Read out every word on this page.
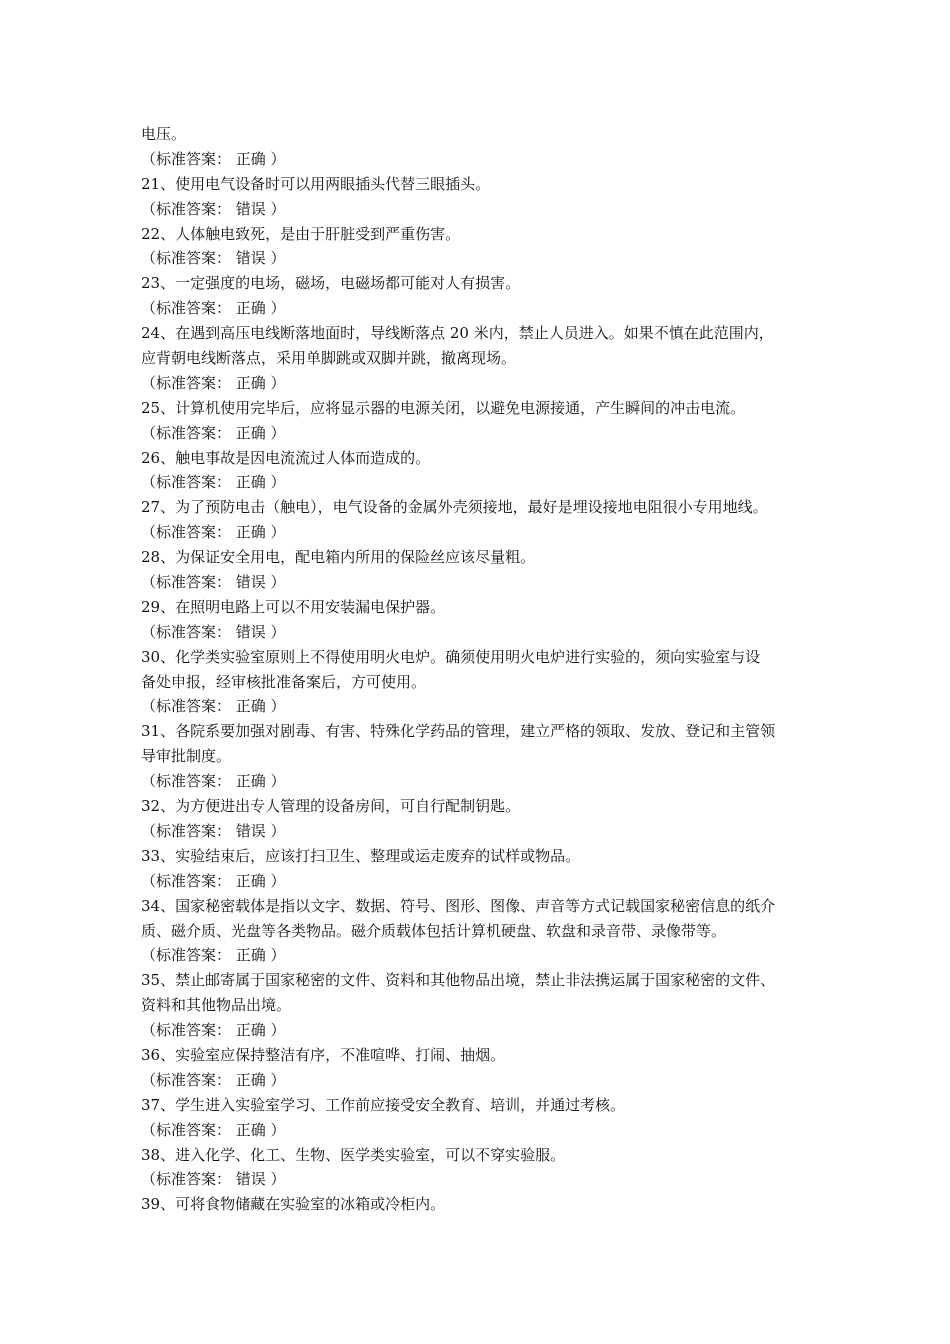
电压。
（标准答案： 正确 ）
21、使用电气设备时可以用两眼插头代替三眼插头。
（标准答案： 错误 ）
22、人体触电致死，是由于肝脏受到严重伤害。
（标准答案： 错误 ）
23、一定强度的电场，磁场，电磁场都可能对人有损害。
（标准答案： 正确 ）
24、在遇到高压电线断落地面时，导线断落点 20 米内，禁止人员进入。如果不慎在此范围内，
应背朝电线断落点，采用单脚跳或双脚并跳，撤离现场。
（标准答案： 正确 ）
25、计算机使用完毕后，应将显示器的电源关闭，以避免电源接通，产生瞬间的冲击电流。
（标准答案： 正确 ）
26、触电事故是因电流流过人体而造成的。
（标准答案： 正确 ）
27、为了预防电击（触电），电气设备的金属外壳须接地，最好是埋设接地电阻很小专用地线。
（标准答案： 正确 ）
28、为保证安全用电，配电箱内所用的保险丝应该尽量粗。
（标准答案： 错误 ）
29、在照明电路上可以不用安装漏电保护器。
（标准答案： 错误 ）
30、化学类实验室原则上不得使用明火电炉。确须使用明火电炉进行实验的，须向实验室与设
备处申报，经审核批准备案后，方可使用。
（标准答案： 正确 ）
31、各院系要加强对剧毒、有害、特殊化学药品的管理，建立严格的领取、发放、登记和主管领
导审批制度。
（标准答案： 正确 ）
32、为方便进出专人管理的设备房间，可自行配制钥匙。
（标准答案： 错误 ）
33、实验结束后，应该打扫卫生、整理或运走废弃的试样或物品。
（标准答案： 正确 ）
34、国家秘密载体是指以文字、数据、符号、图形、图像、声音等方式记载国家秘密信息的纸介
质、磁介质、光盘等各类物品。磁介质载体包括计算机硬盘、软盘和录音带、录像带等。
（标准答案： 正确 ）
35、禁止邮寄属于国家秘密的文件、资料和其他物品出境，禁止非法携运属于国家秘密的文件、
资料和其他物品出境。
（标准答案： 正确 ）
36、实验室应保持整洁有序，不准喧哗、打闹、抽烟。
（标准答案： 正确 ）
37、学生进入实验室学习、工作前应接受安全教育、培训，并通过考核。
（标准答案： 正确 ）
38、进入化学、化工、生物、医学类实验室，可以不穿实验服。
（标准答案： 错误 ）
39、可将食物储藏在实验室的冰箱或冷柜内。
